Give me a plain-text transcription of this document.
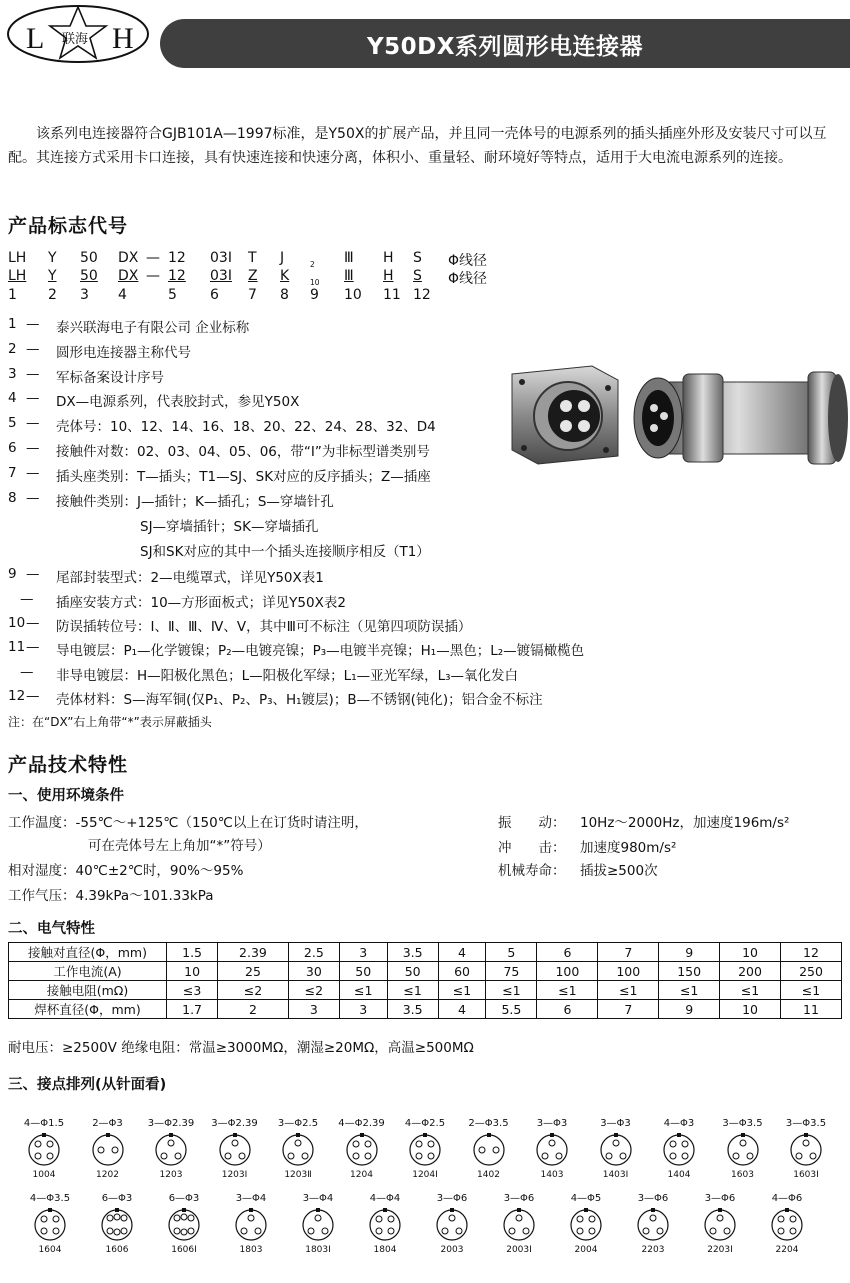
L 联海 H	Y50DX系列圆形电连接器

该系列电连接器符合GJB101A—1997标准，是Y50X的扩展产品，并且同一壳体号的电源系列的插头插座外形及安装尺寸可以互配。其连接方式采用卡口连接，具有快速连接和快速分离，体积小、重量轻、耐环境好等特点，适用于大电流电源系列的连接。

产品标志代号
LH Y 50 DX — 12 03I T J	2 Ⅲ H S Φ线径
LH Y 50 DX — 12 03I Z K	10 Ⅲ H S Φ线径
1 2 3 4	5 6 7 8 9 10 11 12
1 — 泰兴联海电子有限公司 企业标称
2 — 圆形电连接器主称代号
3 — 军标备案设计序号
4 — DX—电源系列，代表胶封式，参见Y50X
5 — 壳体号：10、12、14、16、18、20、22、24、28、32、D4
6 — 接触件对数：02、03、04、05、06，带“Ⅰ”为非标型谱类别号
7 — 插头座类别：T—插头；T1—SJ、SK对应的反序插头；Z—插座
8 — 接触件类别：J—插针；K—插孔；S—穿墙针孔
SJ—穿墙插针；SK—穿墙插孔
SJ和SK对应的其中一个插头连接顺序相反（T1）
9 — 尾部封装型式：2—电缆罩式，详见Y50X表1
— 插座安装方式：10—方形面板式；详见Y50X表2
10 — 防误插转位号：Ⅰ、Ⅱ、Ⅲ、Ⅳ、Ⅴ，其中Ⅲ可不标注（见第四项防误插）
11 — 导电镀层：P₁—化学镀镍；P₂—电镀亮镍；P₃—电镀半亮镍；H₁—黑色；L₂—镀镉橄榄色
— 非导电镀层：H—阳极化黑色；L—阳极化军绿；L₁—亚光军绿，L₃—氧化发白
12 — 壳体材料：S—海军铜(仅P₁、P₂、P₃、H₁镀层)；B—不锈钢(钝化)；铝合金不标注
注：在“DX”右上角带“*”表示屏蔽插头
产品技术特性
一、使用环境条件
工作温度：-55℃～+125℃（150℃以上在订货时请注明，
可在壳体号左上角加“*”符号）
相对湿度：40℃±2℃时，90%～95%
工作气压：4.39kPa～101.33kPa
振　　动： 10Hz～2000Hz，加速度196m/s²
冲　　击： 加速度980m/s²
机械寿命： 插拔≥500次
二、电气特性
接触对直径(Φ，mm)	1.5	2.39	2.5	3	3.5	4	5	6	7	9	10	12
工作电流(A)	10	25	30	50	50	60	75	100	100	150	200	250
接触电阻(mΩ)	≤3	≤2	≤2	≤1	≤1	≤1	≤1	≤1	≤1	≤1	≤1	≤1
焊杯直径(Φ，mm)	1.7	2	3	3	3.5	4	5.5	6	7	9	10	11
耐电压：≥2500V 绝缘电阻：常温≥3000MΩ，潮湿≥20MΩ，高温≥500MΩ
三、接点排列(从针面看)
4—Φ1.5
1004
2—Φ3
1202
3—Φ2.39
1203
3—Φ2.39
1203Ⅰ
3—Φ2.5
1203Ⅱ
4—Φ2.39
1204
4—Φ2.5
1204Ⅰ
2—Φ3.5
1402
3—Φ3
1403
3—Φ3
1403Ⅰ
4—Φ3
1404
3—Φ3.5
1603
3—Φ3.5
1603Ⅰ
4—Φ3.5
1604
6—Φ3
1606
6—Φ3
1606Ⅰ
3—Φ4
1803
3—Φ4
1803Ⅰ
4—Φ4
1804
3—Φ6
2003
3—Φ6
2003Ⅰ
4—Φ5
2004
3—Φ6
2203
3—Φ6
2203Ⅰ
4—Φ6
2204
